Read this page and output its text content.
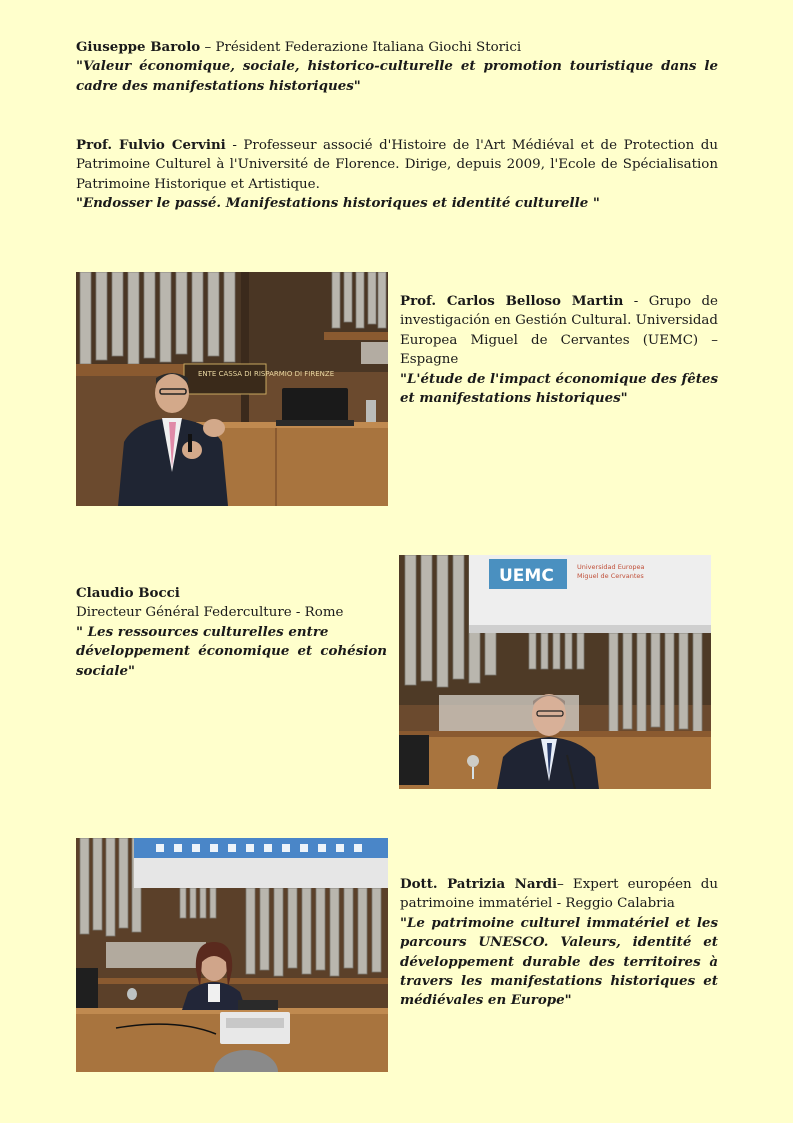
Giuseppe Barolo – Président Federazione Italiana Giochi Storici
"Valeur économique, sociale, historico-culturelle et promotion touristique dans le cadre des manifestations historiques"
Prof. Fulvio Cervini - Professeur associé d'Histoire de l'Art Médiéval et de Protection du Patrimoine Culturel à l'Université de Florence. Dirige, depuis 2009, l'Ecole de Spécialisation Patrimoine Historique et Artistique.
"Endosser le passé. Manifestations historiques et identité culturelle "
ENTE CASSA DI RISPARMIO DI FIRENZE
Prof. Carlos Belloso Martin - Grupo de investigación en Gestión Cultural. Universidad Europea Miguel de Cervantes (UEMC) – Espagne
"L'étude de l'impact économique des fêtes et manifestations historiques"
Claudio Bocci
Directeur Général Federculture - Rome
" Les ressources culturelles entre

développement économique et cohésion sociale"
UEMC	Universidad Europea
Miguel de Cervantes
Dott. Patrizia Nardi– Expert européen du patrimoine immatériel - Reggio Calabria
"Le patrimoine culturel immatériel et les parcours UNESCO. Valeurs, identité et développement durable des territoires à travers les manifestations historiques et médiévales en Europe"
